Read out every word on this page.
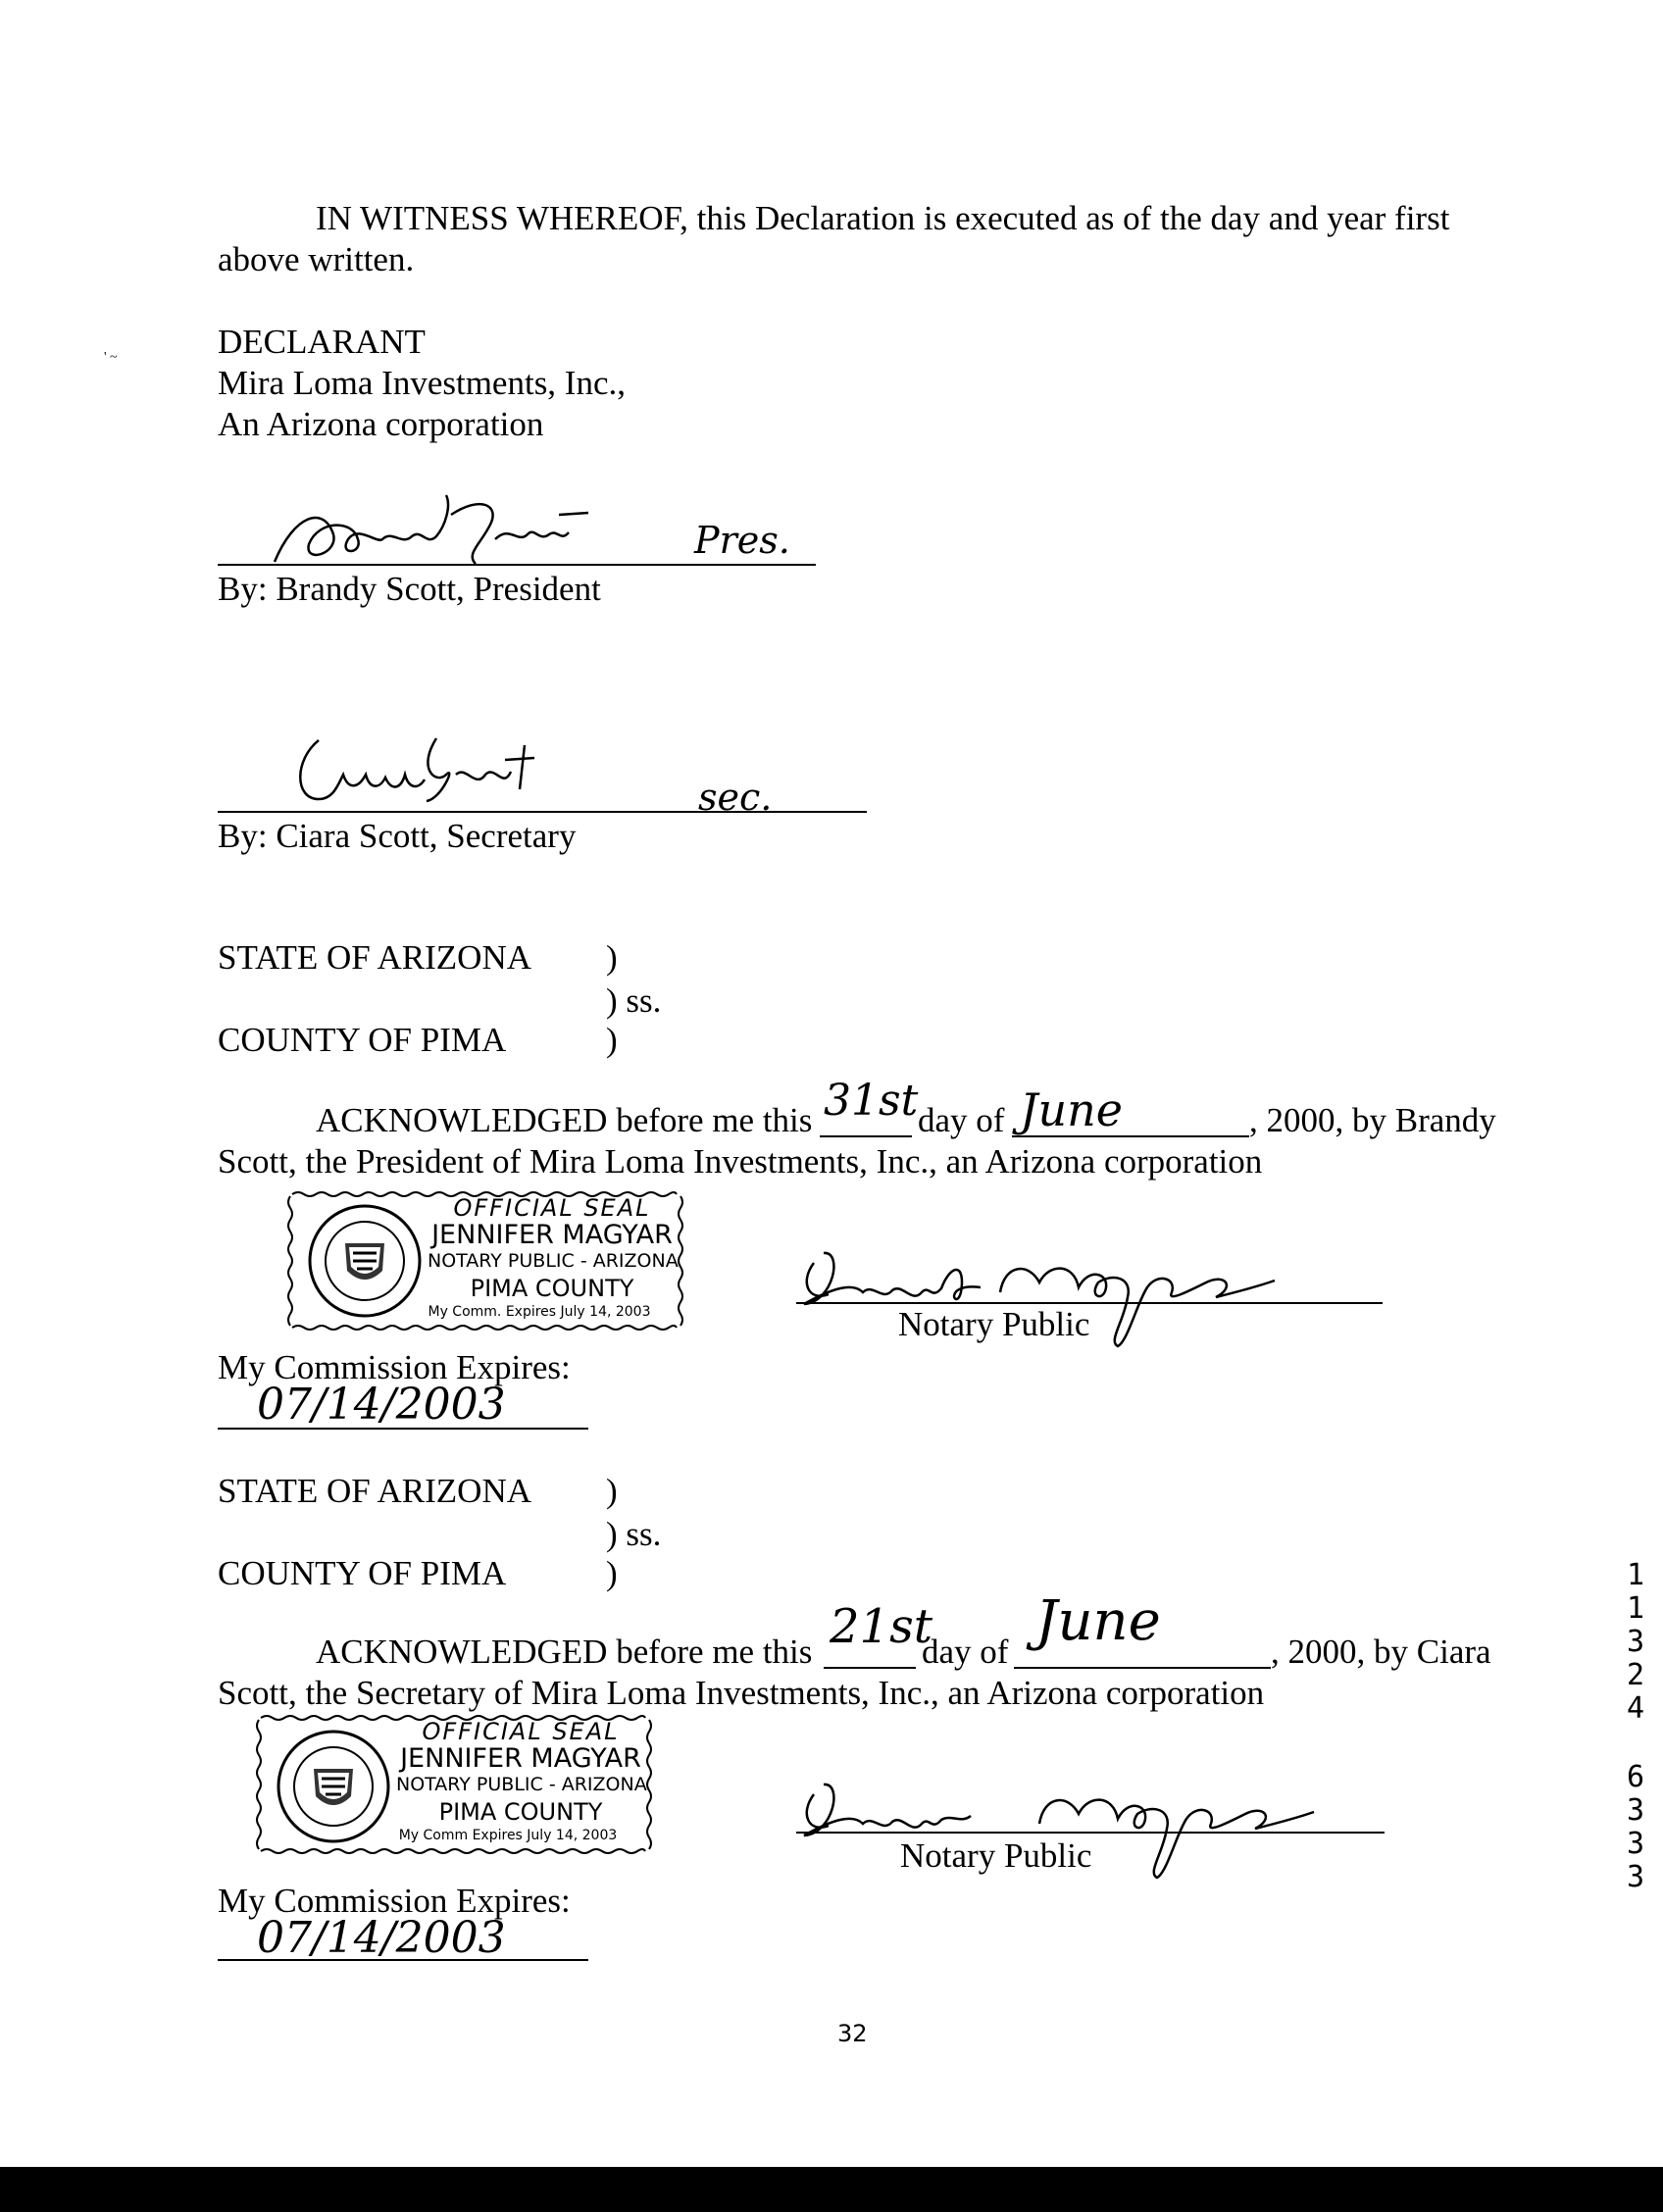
IN WITNESS WHEREOF, this Declaration is executed as of the day and year first
above written.
' ~	DECLARANT
Mira Loma Investments, Inc.,
An Arizona corporation
Pres.
By: Brandy Scott, President
sec.
By: Ciara Scott, Secretary
STATE OF ARIZONA )
) ss.
COUNTY OF PIMA	)
ACKNOWLEDGED before me this 31st day of June	, 2000, by Brandy
Scott, the President of Mira Loma Investments, Inc., an Arizona corporation
OFFICIAL SEAL
JENNIFER MAGYAR
NOTARY PUBLIC - ARIZONA
PIMA COUNTY
My Comm. Expires July 14, 2003	Notary Public
My Commission Expires:
07/14/2003
STATE OF ARIZONA )
) ss.
COUNTY OF PIMA	)
ACKNOWLEDGED before me this 21st
day of June	, 2000, by Ciara
Scott, the Secretary of Mira Loma Investments, Inc., an Arizona corporation
OFFICIAL SEAL
JENNIFER MAGYAR
NOTARY PUBLIC - ARIZONA
PIMA COUNTY
My Comm Expires July 14, 2003
Notary Public
My Commission Expires:
07/14/2003
32
1
1
3
2
4
6
3
3
3
